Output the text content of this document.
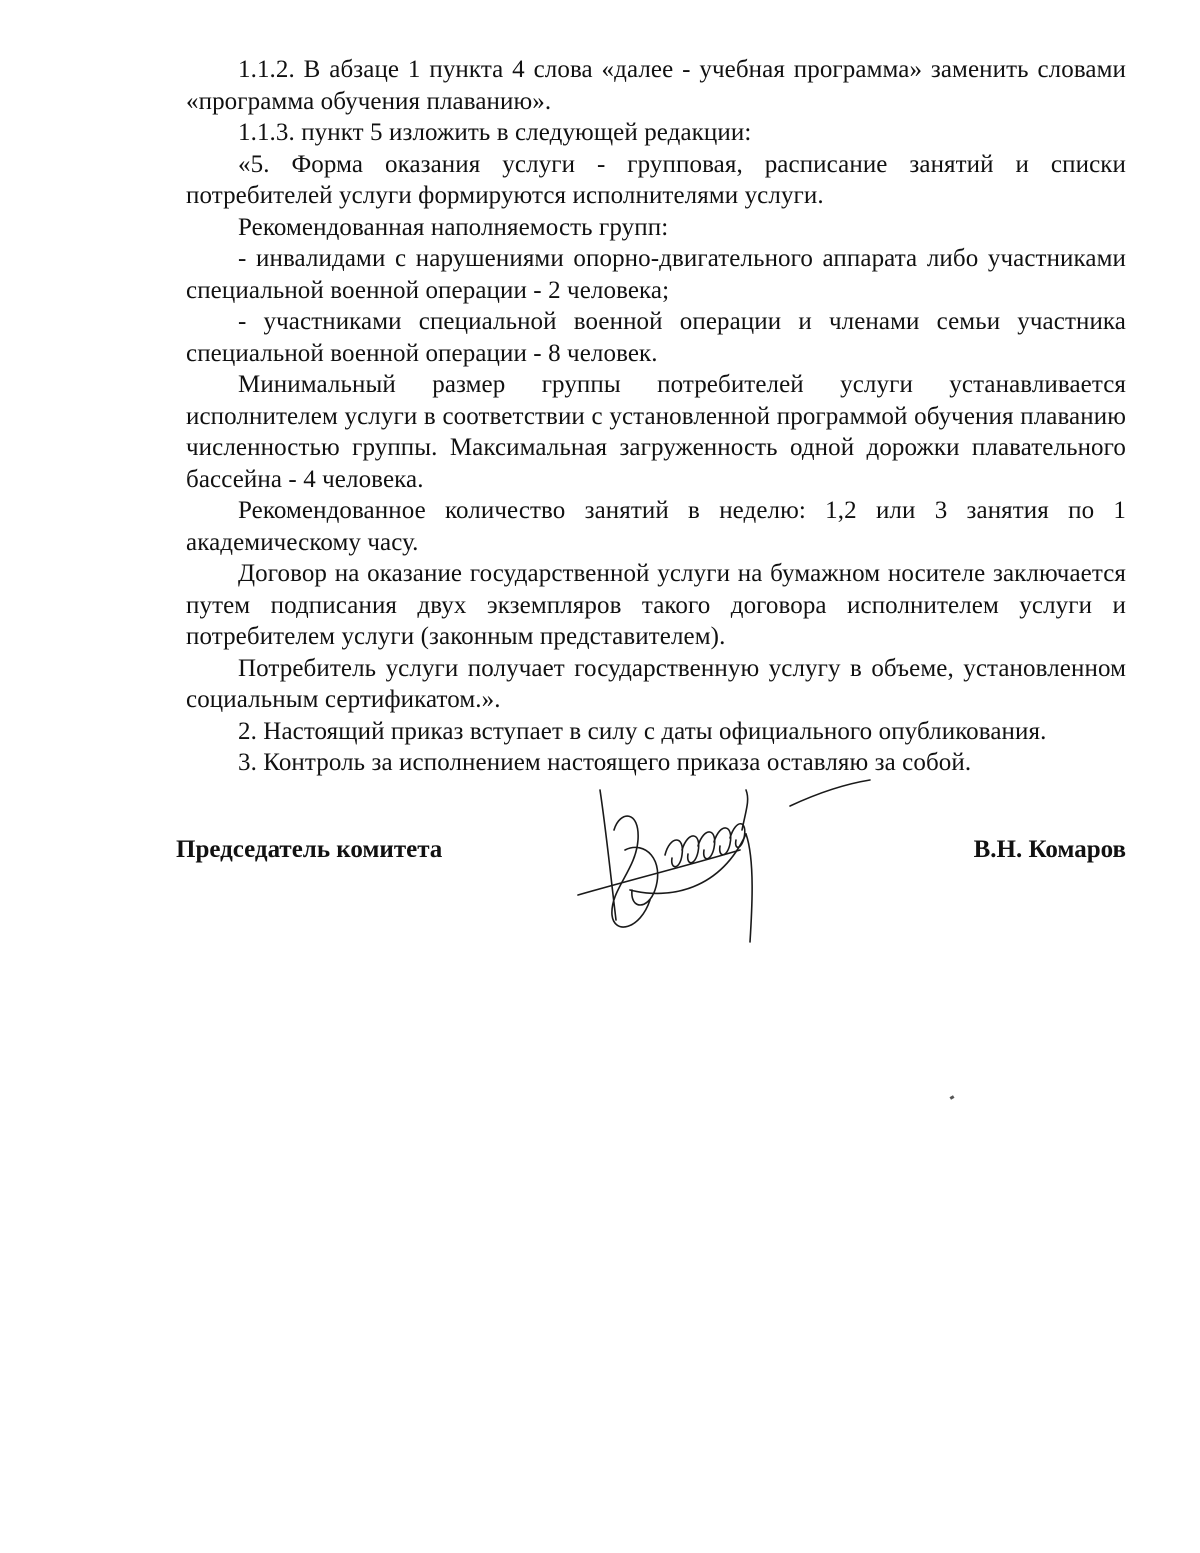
1.1.2. В абзаце 1 пункта 4 слова «далее - учебная программа» заменить словами «программа обучения плаванию».

1.1.3. пункт 5 изложить в следующей редакции:

«5. Форма оказания услуги - групповая, расписание занятий и списки потребителей услуги формируются исполнителями услуги.

Рекомендованная наполняемость групп:

- инвалидами с нарушениями опорно-двигательного аппарата либо участниками специальной военной операции - 2 человека;

- участниками специальной военной операции и членами семьи участника специальной военной операции - 8 человек.

Минимальный размер группы потребителей услуги устанавливается исполнителем услуги в соответствии с установленной программой обучения плаванию численностью группы. Максимальная загруженность одной дорожки плавательного бассейна - 4 человека.

Рекомендованное количество занятий в неделю: 1,2 или 3 занятия по 1 академическому часу.

Договор на оказание государственной услуги на бумажном носителе заключается путем подписания двух экземпляров такого договора исполнителем услуги и потребителем услуги (законным представителем).

Потребитель услуги получает государственную услугу в объеме, установленном социальным сертификатом.».

2. Настоящий приказ вступает в силу с даты официального опубликования.

3. Контроль за исполнением настоящего приказа оставляю за собой.

Председатель комитета	В.Н. Комаров
